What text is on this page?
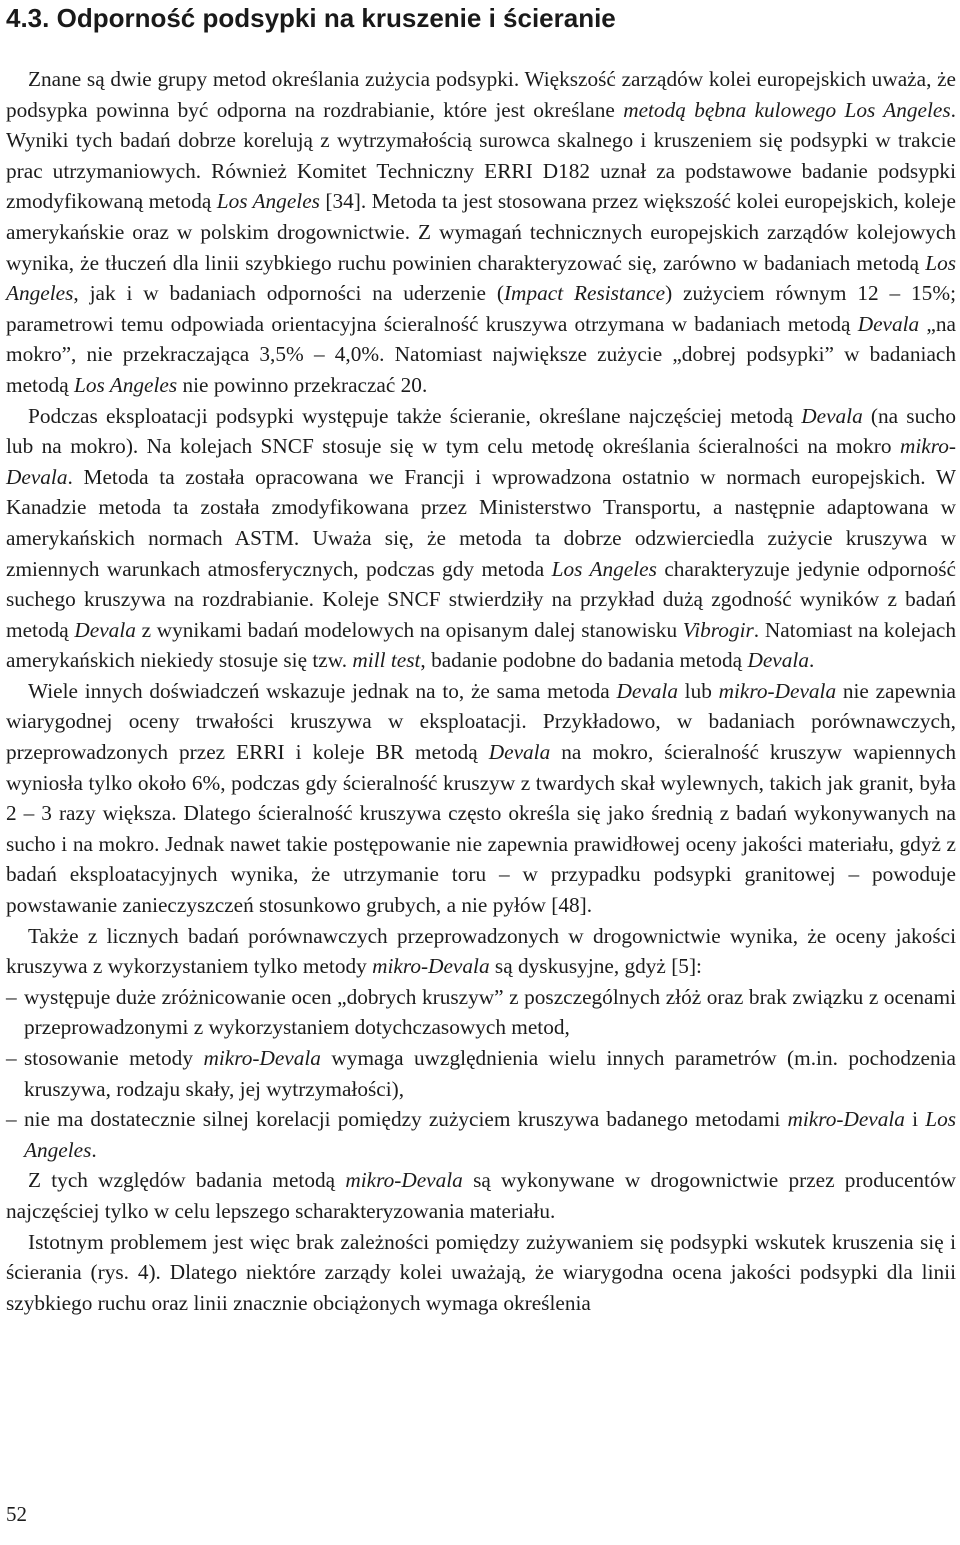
4.3. Odporność podsypki na kruszenie i ścieranie

Znane są dwie grupy metod określania zużycia podsypki. Większość zarządów kolei europejskich uważa, że podsypka powinna być odporna na rozdrabianie, które jest określane metodą bębna kulowego Los Angeles. Wyniki tych badań dobrze korelują z wytrzymałością surowca skalnego i kruszeniem się podsypki w trakcie prac utrzymaniowych. Również Komitet Techniczny ERRI D182 uznał za podstawowe badanie podsypki zmodyfikowaną metodą Los Angeles [34]. Metoda ta jest stosowana przez większość kolei europejskich, koleje amerykańskie oraz w polskim drogownictwie. Z wymagań technicznych europejskich zarządów kolejowych wynika, że tłuczeń dla linii szybkiego ruchu powinien charakteryzować się, zarówno w badaniach metodą Los Angeles, jak i w badaniach odporności na uderzenie (Impact Resistance) zużyciem równym 12 – 15%; parametrowi temu odpowiada orientacyjna ścieralność kruszywa otrzymana w badaniach metodą Devala „na mokro”, nie przekraczająca 3,5% – 4,0%. Natomiast największe zużycie „dobrej podsypki” w badaniach metodą Los Angeles nie powinno przekraczać 20.

Podczas eksploatacji podsypki występuje także ścieranie, określane najczęściej metodą Devala (na sucho lub na mokro). Na kolejach SNCF stosuje się w tym celu metodę określania ścieralności na mokro mikro-Devala. Metoda ta została opracowana we Francji i wprowadzona ostatnio w normach europejskich. W Kanadzie metoda ta została zmodyfikowana przez Ministerstwo Transportu, a następnie adaptowana w amerykańskich normach ASTM. Uważa się, że metoda ta dobrze odzwierciedla zużycie kruszywa w zmiennych warunkach atmosferycznych, podczas gdy metoda Los Angeles charakteryzuje jedynie odporność suchego kruszywa na rozdrabianie. Koleje SNCF stwierdziły na przykład dużą zgodność wyników z badań metodą Devala z wynikami badań modelowych na opisanym dalej stanowisku Vibrogir. Natomiast na kolejach amerykańskich niekiedy stosuje się tzw. mill test, badanie podobne do badania metodą Devala.

Wiele innych doświadczeń wskazuje jednak na to, że sama metoda Devala lub mikro-Devala nie zapewnia wiarygodnej oceny trwałości kruszywa w eksploatacji. Przykładowo, w badaniach porównawczych, przeprowadzonych przez ERRI i koleje BR metodą Devala na mokro, ścieralność kruszyw wapiennych wyniosła tylko około 6%, podczas gdy ścieralność kruszyw z twardych skał wylewnych, takich jak granit, była 2 – 3 razy większa. Dlatego ścieralność kruszywa często określa się jako średnią z badań wykonywanych na sucho i na mokro. Jednak nawet takie postępowanie nie zapewnia prawidłowej oceny jakości materiału, gdyż z badań eksploatacyjnych wynika, że utrzymanie toru – w przypadku podsypki granitowej – powoduje powstawanie zanieczyszczeń stosunkowo grubych, a nie pyłów [48].

Także z licznych badań porównawczych przeprowadzonych w drogownictwie wynika, że oceny jakości kruszywa z wykorzystaniem tylko metody mikro-Devala są dyskusyjne, gdyż [5]:

– występuje duże zróżnicowanie ocen „dobrych kruszyw” z poszczególnych złóż oraz brak związku z ocenami przeprowadzonymi z wykorzystaniem dotychczasowych metod,
– stosowanie metody mikro-Devala wymaga uwzględnienia wielu innych parametrów (m.in. pochodzenia kruszywa, rodzaju skały, jej wytrzymałości),
– nie ma dostatecznie silnej korelacji pomiędzy zużyciem kruszywa badanego metodami mikro-Devala i Los Angeles.

Z tych względów badania metodą mikro-Devala są wykonywane w drogownictwie przez producentów najczęściej tylko w celu lepszego scharakteryzowania materiału.

Istotnym problemem jest więc brak zależności pomiędzy zużywaniem się podsypki wskutek kruszenia się i ścierania (rys. 4). Dlatego niektóre zarządy kolei uważają, że wiarygodna ocena jakości podsypki dla linii szybkiego ruchu oraz linii znacznie obciążonych wymaga określenia

52
